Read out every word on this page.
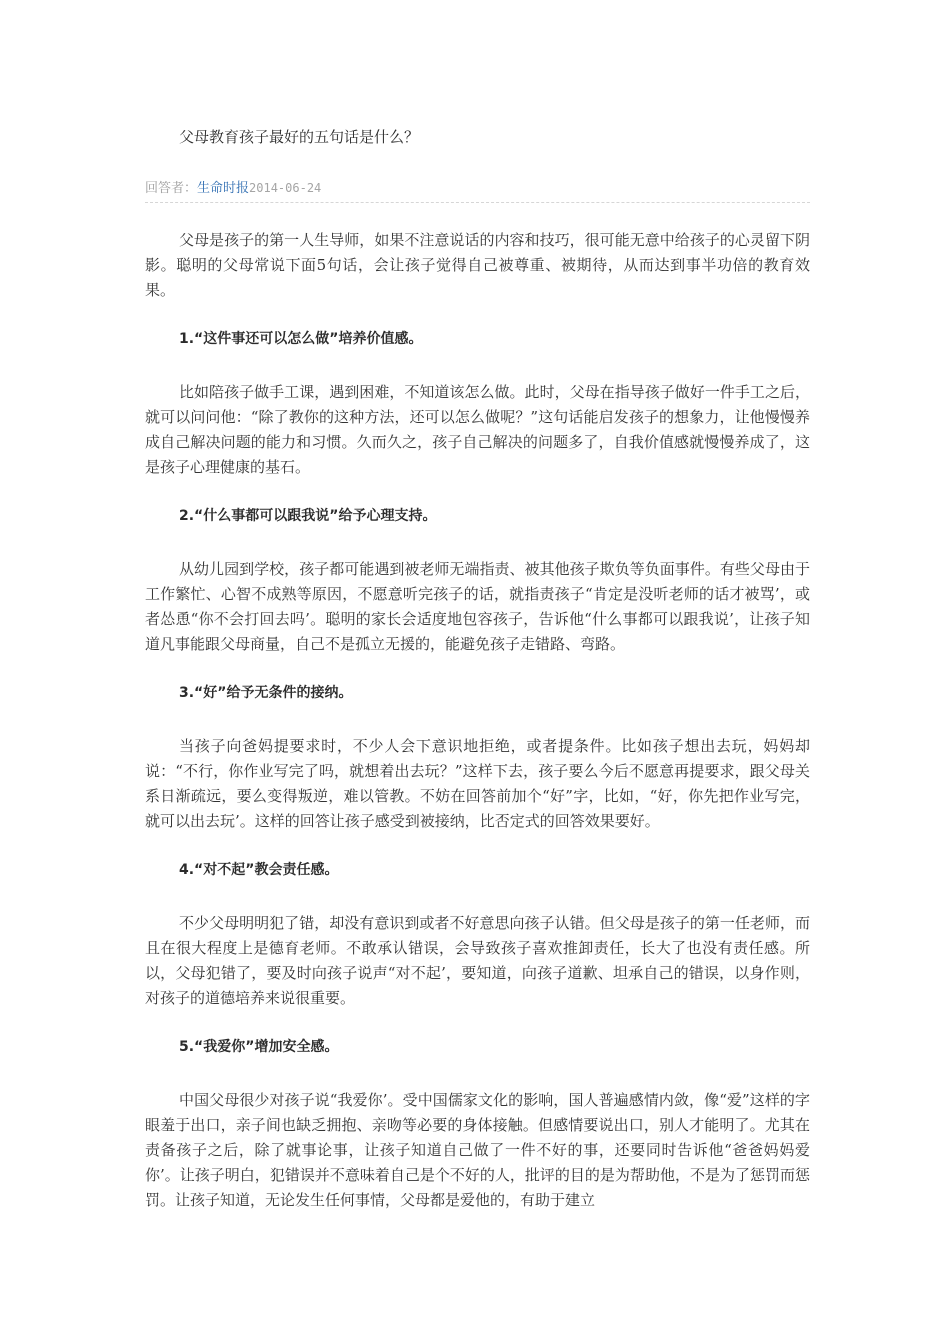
父母教育孩子最好的五句话是什么？
回答者：生命时报2014-06-24

父母是孩子的第一人生导师，如果不注意说话的内容和技巧，很可能无意中给孩子的心灵留下阴影。聪明的父母常说下面5句话，会让孩子觉得自己被尊重、被期待，从而达到事半功倍的教育效果。

1.“这件事还可以怎么做”培养价值感。

比如陪孩子做手工课，遇到困难，不知道该怎么做。此时，父母在指导孩子做好一件手工之后，就可以问问他：“除了教你的这种方法，还可以怎么做呢？”这句话能启发孩子的想象力，让他慢慢养成自己解决问题的能力和习惯。久而久之，孩子自己解决的问题多了，自我价值感就慢慢养成了，这是孩子心理健康的基石。

2.“什么事都可以跟我说”给予心理支持。

从幼儿园到学校，孩子都可能遇到被老师无端指责、被其他孩子欺负等负面事件。有些父母由于工作繁忙、心智不成熟等原因，不愿意听完孩子的话，就指责孩子“肯定是没听老师的话才被骂’，或者怂恿“你不会打回去吗’。聪明的家长会适度地包容孩子，告诉他“什么事都可以跟我说’，让孩子知道凡事能跟父母商量，自己不是孤立无援的，能避免孩子走错路、弯路。

3.“好”给予无条件的接纳。

当孩子向爸妈提要求时，不少人会下意识地拒绝，或者提条件。比如孩子想出去玩，妈妈却说：“不行，你作业写完了吗，就想着出去玩？”这样下去，孩子要么今后不愿意再提要求，跟父母关系日渐疏远，要么变得叛逆，难以管教。不妨在回答前加个“好”字，比如，“好，你先把作业写完，就可以出去玩’。这样的回答让孩子感受到被接纳，比否定式的回答效果要好。

4.“对不起”教会责任感。

不少父母明明犯了错，却没有意识到或者不好意思向孩子认错。但父母是孩子的第一任老师，而且在很大程度上是德育老师。不敢承认错误，会导致孩子喜欢推卸责任，长大了也没有责任感。所以，父母犯错了，要及时向孩子说声“对不起’，要知道，向孩子道歉、坦承自己的错误，以身作则，对孩子的道德培养来说很重要。

5.“我爱你”增加安全感。

中国父母很少对孩子说“我爱你’。受中国儒家文化的影响，国人普遍感情内敛，像“爱”这样的字眼羞于出口，亲子间也缺乏拥抱、亲吻等必要的身体接触。但感情要说出口，别人才能明了。尤其在责备孩子之后，除了就事论事，让孩子知道自己做了一件不好的事，还要同时告诉他“爸爸妈妈爱你’。让孩子明白，犯错误并不意味着自己是个不好的人，批评的目的是为帮助他，不是为了惩罚而惩罚。让孩子知道，无论发生任何事情，父母都是爱他的，有助于建立
